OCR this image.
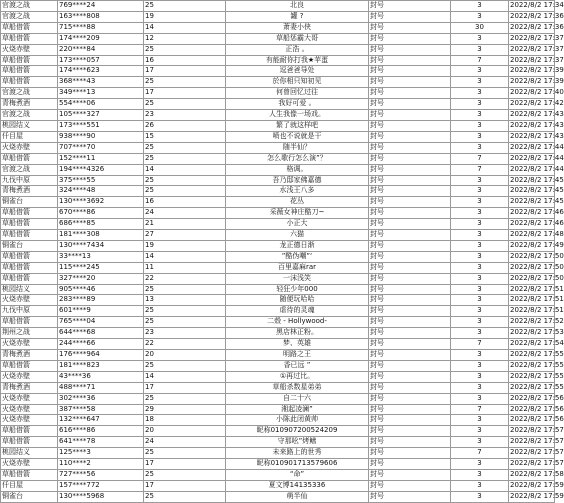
官渡之战	769****24	25	北良	封号	3	2022/8/2 17:34
官渡之战	163****808	19	罐 ?	封号	3	2022/8/2 17:36
草船借箭	715****88	14	萧妻小侠	封号	30	2022/8/2 17:36
草船借箭	174****209	12	草船惩霸大哥	封号	3	2022/8/2 17:37
火烧赤壁	220****84	25	正浩 。	封号	3	2022/8/2 17:37
草船借箭	173****057	16	有能耐你打我★苹蛋	封号	7	2022/8/2 17:37
草船借箭	174****623	17	逗爸爸导处	封号	3	2022/8/2 17:39
草船借箭	368****43	25	於你相只知初见	封号	3	2022/8/2 17:39
官渡之战	349****13	17	何曾回忆过往	封号	3	2022/8/2 17:40
青梅煮酒	554****06	25	我好可爱 。	封号	3	2022/8/2 17:42
官渡之战	105****327	23	人生我像一场戏。	封号	3	2022/8/2 17:43
桃园结义	173****551	26	繁了就这样吧	封号	3	2022/8/2 17:43
仟目屋	938****90	15	喷也不说就是干	封号	3	2022/8/2 17:43
火烧赤壁	707****70	25	随半仙？	封号	3	2022/8/2 17:44
草船借箭	152****11	25	怎么歌行怎么演”？	封号	7	2022/8/2 17:44
官渡之战	194****4326	14	格调。	封号	7	2022/8/2 17:44
九伐中原	375****55	25	吾乃邸家佛嘉德	封号	3	2022/8/2 17:45
青梅煮酒	324****48	25	水浅王八多	封号	3	2022/8/2 17:45
铜雀台	130****3692	16	花丛	封号	3	2022/8/2 17:45
草船借箭	670****86	24	采薇女神庄酷刀~	封号	3	2022/8/2 17:46
草船借箭	686****85	21	小正大	封号	3	2022/8/2 17:46
草船借箭	181****308	27	六猫	封号	3	2022/8/2 17:48
铜雀台	130****7434	19	龙正德日渐	封号	3	2022/8/2 17:49
草船借箭	33****13	14	”酷伪嘲”‘	封号	3	2022/8/2 17:50
草船借箭	115****245	11	百里嘉麻rar	封号	3	2022/8/2 17:50
草船借箭	327****20	22	一沫浅笑	封号	3	2022/8/2 17:50
桃园结义	905****46	25	轻狂少年000	封号	3	2022/8/2 17:51
火烧赤壁	283****89	13	随便玩哈哈	封号	3	2022/8/2 17:51
九伐中原	601****9	25	虐待的灵魂	封号	3	2022/8/2 17:51
草船借箭	765****04	25	二殻 - Hollywood-	封号	3	2022/8/2 17:52
荆州之战	644****68	23	黑店林正粉。	封号	3	2022/8/2 17:53
火烧赤壁	244****66	22	梦、英雄	封号	7	2022/8/2 17:54
青梅煮酒	176****964	20	明路之王	封号	3	2022/8/2 17:55
草船借箭	181****823	25	香已远 ”	封号	3	2022/8/2 17:55
火烧赤壁	43****36	14	①再过比。	封号	3	2022/8/2 17:55
青梅煮酒	488****71	17	草船杀数星弟弟	封号	3	2022/8/2 17:55
火烧赤壁	302****36	25	自二十六	封号	3	2022/8/2 17:56
火烧赤壁	387****58	29	湘起凌澜”	封号	7	2022/8/2 17:56
火烧赤壁	132****647	18	小陈此闭黄帅	封号	3	2022/8/2 17:56
草船借箭	616****86	20	昵称01090720052420​9	封号	3	2022/8/2 17:57
草船借箭	641****78	24	守那吆”烤鳝	封号	3	2022/8/2 17:57
桃园结义	125****3	25	未来路上的世秀	封号	7	2022/8/2 17:57
火烧赤壁	110****2	17	昵称010901713579606	封号	3	2022/8/2 17:57
草船借箭	727****56	25	“命”	封号	3	2022/8/2 17:58
仟目屋	157****772	17	夏文博14135336	封号	3	2022/8/2 17:59
铜雀台	130****5968	25	萌半仙	封号	3	2022/8/2 17:59
